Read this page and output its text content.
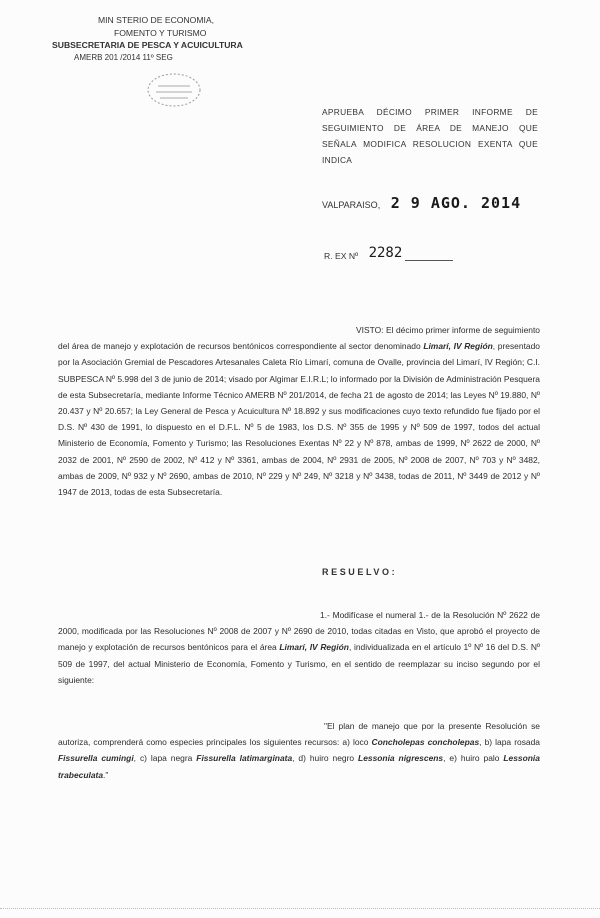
MIN STERIO DE ECONOMIA,
FOMENTO Y TURISMO
SUBSECRETARIA DE PESCA Y ACUICULTURA
AMERB 201 /2014 11º SEG
APRUEBA DÉCIMO PRIMER INFORME DE SEGUIMIENTO DE ÁREA DE MANEJO QUE SEÑALA MODIFICA RESOLUCION EXENTA QUE INDICA
VALPARAISO, 2 9 AGO. 2014
R. EX Nº 2282
VISTO: El décimo primer informe de seguimiento del área de manejo y explotación de recursos bentónicos correspondiente al sector denominado Limarí, IV Región, presentado por la Asociación Gremial de Pescadores Artesanales Caleta Río Limarí, comuna de Ovalle, provincia del Limarí, IV Región; C.I. SUBPESCA Nº 5.998 del 3 de junio de 2014; visado por Algimar E.I.R.L; lo informado por la División de Administración Pesquera de esta Subsecretaría, mediante Informe Técnico AMERB Nº 201/2014, de fecha 21 de agosto de 2014; las Leyes Nº 19.880, Nº 20.437 y Nº 20.657; la Ley General de Pesca y Acuicultura Nº 18.892 y sus modificaciones cuyo texto refundido fue fijado por el D.S. Nº 430 de 1991, lo dispuesto en el D.F.L. Nº 5 de 1983, los D.S. Nº 355 de 1995 y Nº 509 de 1997, todos del actual Ministerio de Economía, Fomento y Turismo; las Resoluciones Exentas Nº 22 y Nº 878, ambas de 1999, Nº 2622 de 2000, Nº 2032 de 2001, Nº 2590 de 2002, Nº 412 y Nº 3361, ambas de 2004, Nº 2931 de 2005, Nº 2008 de 2007, Nº 703 y Nº 3482, ambas de 2009, Nº 932 y Nº 2690, ambas de 2010, Nº 229 y Nº 249, Nº 3218 y Nº 3438, todas de 2011, Nº 3449 de 2012 y Nº 1947 de 2013, todas de esta Subsecretaría.
RESUELVO:
1.- Modifícase el numeral 1.- de la Resolución Nº 2622 de 2000, modificada por las Resoluciones Nº 2008 de 2007 y Nº 2690 de 2010, todas citadas en Visto, que aprobó el proyecto de manejo y explotación de recursos bentónicos para el área Limarí, IV Región, individualizada en el artículo 1º Nº 16 del D.S. Nº 509 de 1997, del actual Ministerio de Economía, Fomento y Turismo, en el sentido de reemplazar su inciso segundo por el siguiente:
"El plan de manejo que por la presente Resolución se autoriza, comprenderá como especies principales los siguientes recursos: a) loco Concholepas concholepas, b) lapa rosada Fissurella cumingi, c) lapa negra Fissurella latimarginata, d) huiro negro Lessonia nigrescens, e) huiro palo Lessonia trabeculata."
